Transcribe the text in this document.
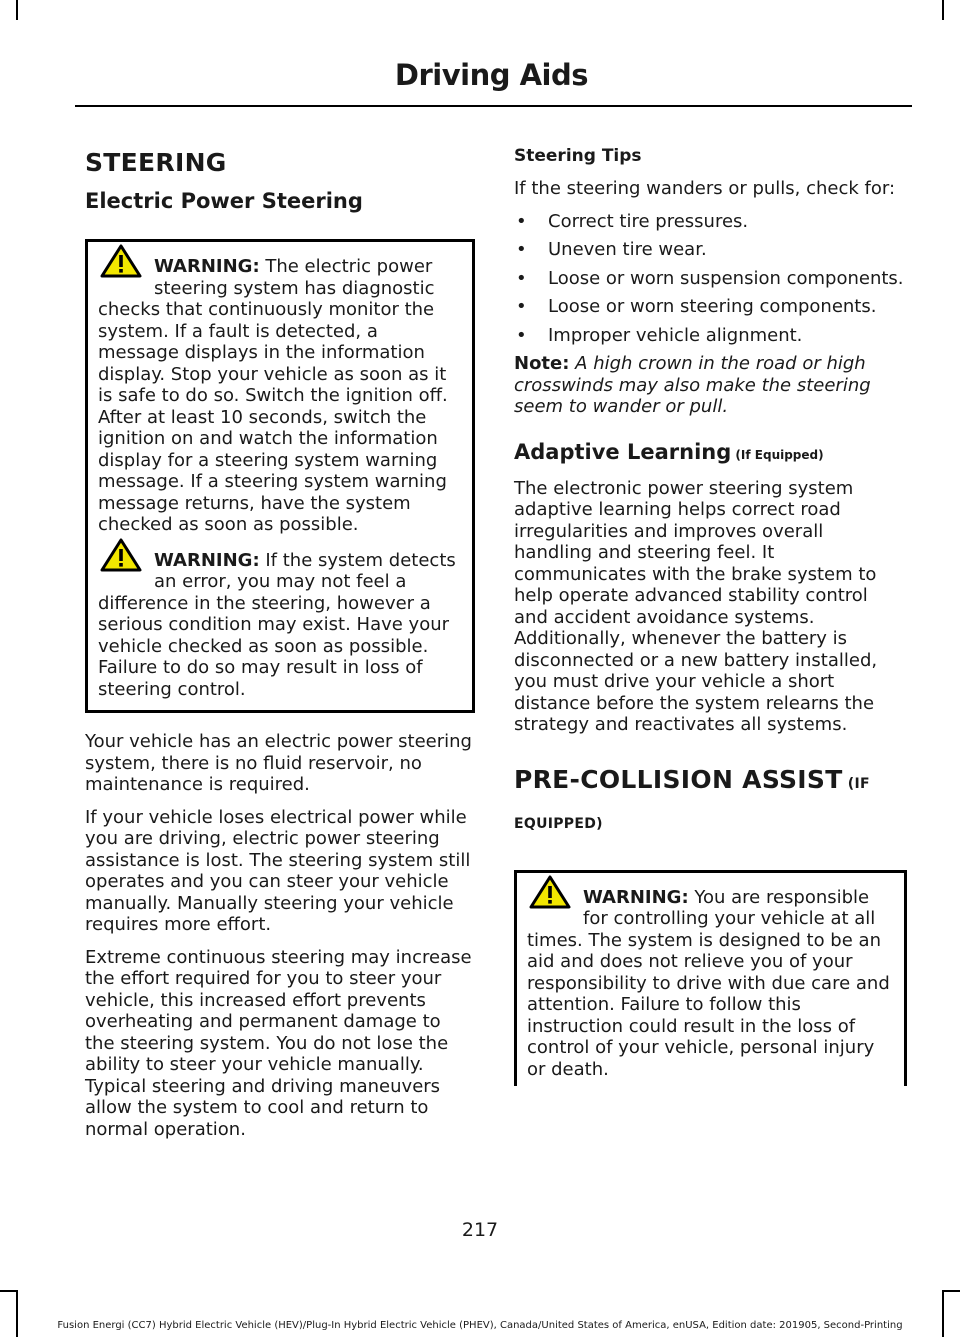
Driving Aids
STEERING
Electric Power Steering
WARNING: The electric power steering system has diagnostic checks that continuously monitor the system. If a fault is detected, a message displays in the information display. Stop your vehicle as soon as it is safe to do so. Switch the ignition off. After at least 10 seconds, switch the ignition on and watch the information display for a steering system warning message. If a steering system warning message returns, have the system checked as soon as possible.
WARNING: If the system detects an error, you may not feel a difference in the steering, however a serious condition may exist. Have your vehicle checked as soon as possible. Failure to do so may result in loss of steering control.

Your vehicle has an electric power steering system, there is no fluid reservoir, no maintenance is required.

If your vehicle loses electrical power while you are driving, electric power steering assistance is lost. The steering system still operates and you can steer your vehicle manually. Manually steering your vehicle requires more effort.

Extreme continuous steering may increase the effort required for you to steer your vehicle, this increased effort prevents overheating and permanent damage to the steering system. You do not lose the ability to steer your vehicle manually. Typical steering and driving maneuvers allow the system to cool and return to normal operation.

Steering Tips

If the steering wanders or pulls, check for:

• Correct tire pressures.
• Uneven tire wear.
• Loose or worn suspension components.
• Loose or worn steering components.
• Improper vehicle alignment.

Note: A high crown in the road or high crosswinds may also make the steering seem to wander or pull.

Adaptive Learning (If Equipped)

The electronic power steering system adaptive learning helps correct road irregularities and improves overall handling and steering feel. It communicates with the brake system to help operate advanced stability control and accident avoidance systems. Additionally, whenever the battery is disconnected or a new battery installed, you must drive your vehicle a short distance before the system relearns the strategy and reactivates all systems.

PRE-COLLISION ASSIST (IF EQUIPPED)
WARNING: You are responsible for controlling your vehicle at all times. The system is designed to be an aid and does not relieve you of your responsibility to drive with due care and attention. Failure to follow this instruction could result in the loss of control of your vehicle, personal injury or death.
217
Fusion Energi (CC7) Hybrid Electric Vehicle (HEV)/Plug-In Hybrid Electric Vehicle (PHEV), Canada/United States of America, enUSA, Edition date: 201905, Second-Printing
